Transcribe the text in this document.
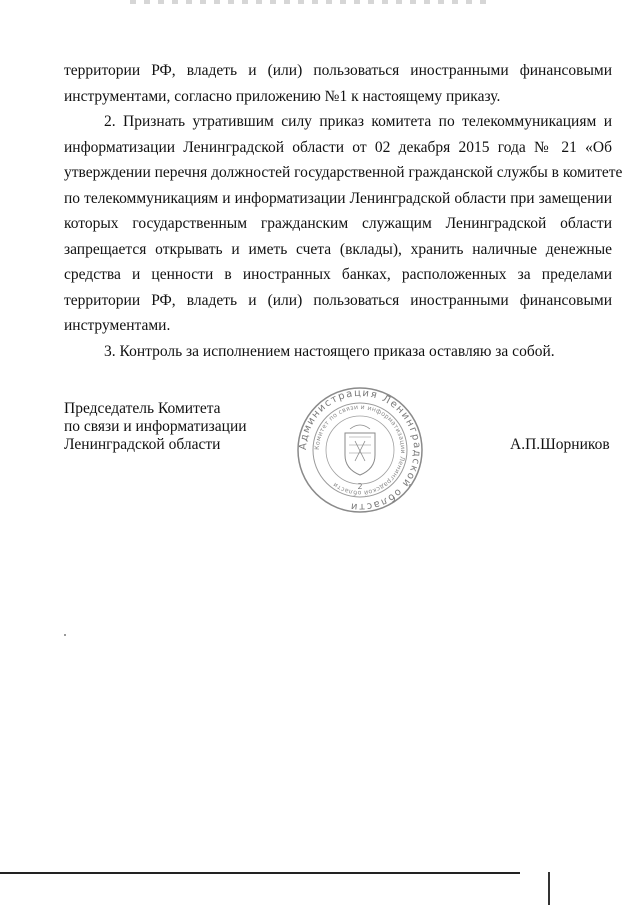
территории РФ, владеть и (или) пользоваться иностранными финансовыми
инструментами, согласно приложению №1 к настоящему приказу.
2. Признать утратившим силу приказ комитета по телекоммуникациям и
информатизации Ленинградской области от 02 декабря 2015 года № 21 «Об
утверждении перечня должностей государственной гражданской службы в комитете
по телекоммуникациям и информатизации Ленинградской области при замещении
которых государственным гражданским служащим Ленинградской области
запрещается открывать и иметь счета (вклады), хранить наличные денежные
средства и ценности в иностранных банках, расположенных за пределами
территории РФ, владеть и (или) пользоваться иностранными финансовыми
инструментами.
3. Контроль за исполнением настоящего приказа оставляю за собой.
Председатель Комитета
по связи и информатизации
Ленинградской области	Администрация Ленинградской области
Комитет по связи и информатизации Ленинградской области	2
А.П.Шорников
